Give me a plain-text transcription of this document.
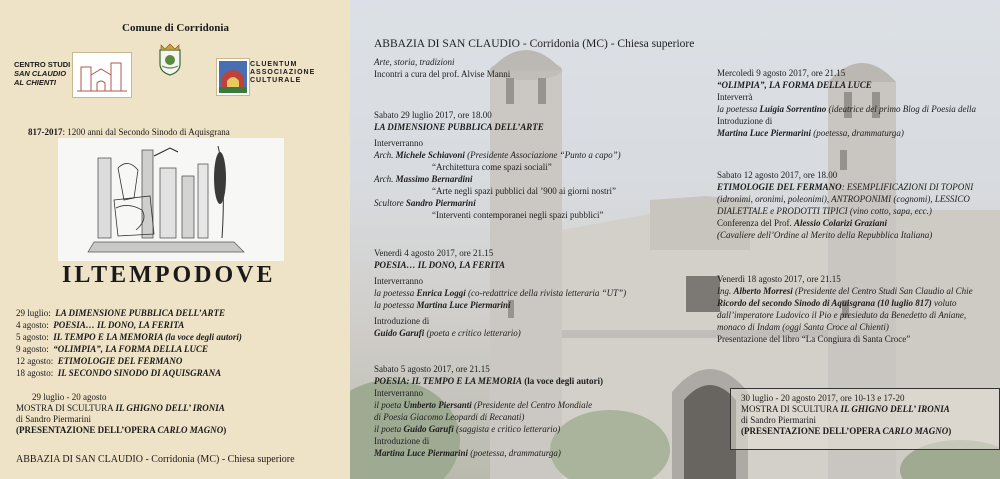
Comune di Corridonia
CENTRO STUDI
SAN CLAUDIO
AL CHIENTI
CLUENTUM
ASSOCIAZIONE
CULTURALE
817-2017: 1200 anni dal Secondo Sinodo di Aquisgrana
ILTEMPODOVE
29 luglio: LA DIMENSIONE PUBBLICA DELL’ARTE
4 agosto: POESIA… IL DONO, LA FERITA
5 agosto: IL TEMPO E LA MEMORIA (la voce degli autori)
9 agosto: “OLIMPIA”, LA FORMA DELLA LUCE
12 agosto: ETIMOLOGIE DEL FERMANO
18 agosto: IL SECONDO SINODO DI AQUISGRANA
29 luglio - 20 agosto
MOSTRA DI SCULTURA IL GHIGNO DELL’ IRONIA
di Sandro Piermarini
(PRESENTAZIONE DELL’OPERA CARLO MAGNO)
ABBAZIA DI SAN CLAUDIO - Corridonia (MC) - Chiesa superiore
ABBAZIA DI SAN CLAUDIO - Corridonia (MC) - Chiesa superiore
Arte, storia, tradizioni
Incontri a cura del prof. Alvise Manni
Sabato 29 luglio 2017, ore 18.00
LA DIMENSIONE PUBBLICA DELL’ARTE
Interverranno
Arch. Michele Schiavoni (Presidente Associazione “Punto a capo”)
“Architettura come spazi sociali”
Arch. Massimo Bernardini
“Arte negli spazi pubblici dal ’900 ai giorni nostri”
Scultore Sandro Piermarini
“Interventi contemporanei negli spazi pubblici”
Venerdì 4 agosto 2017, ore 21.15
POESIA… IL DONO, LA FERITA
Interverranno
la poetessa Enrica Loggi (co-redattrice della rivista letteraria “UT”)
la poetessa Martina Luce Piermarini
Introduzione di
Guido Garufi (poeta e critico letterario)
Sabato 5 agosto 2017, ore 21.15
POESIA: IL TEMPO E LA MEMORIA (la voce degli autori)
Interverranno
il poeta Umberto Piersanti (Presidente del Centro Mondiale
di Poesia Giacomo Leopardi di Recanati)
il poeta Guido Garufi (saggista e critico letterario)
Introduzione di
Martina Luce Piermarini (poetessa, drammaturga)
Mercoledì 9 agosto 2017, ore 21.15
“OLIMPIA”, LA FORMA DELLA LUCE
Interverrà
la poetessa Luigia Sorrentino (ideatrice del primo Blog di Poesia della
Introduzione di
Martina Luce Piermarini (poetessa, drammaturga)
Sabato 12 agosto 2017, ore 18.00
ETIMOLOGIE DEL FERMANO: ESEMPLIFICAZIONI DI TOPONI
(idronimi, oronimi, poleonimi), ANTROPONIMI (cognomi), LESSICO
DIALETTALE e PRODOTTI TIPICI (vino cotto, sapa, ecc.)
Conferenza del Prof. Alessio Colarizi Graziani
(Cavaliere dell’Ordine al Merito della Repubblica Italiana)
Venerdì 18 agosto 2017, ore 21.15
Ing. Alberto Morresi (Presidente del Centro Studi San Claudio al Chie
Ricordo del secondo Sinodo di Aquisgrana (10 luglio 817) voluto
dall’imperatore Ludovico il Pio e presieduto da Benedetto di Aniane,
monaco di Indam (oggi Santa Croce al Chienti)
Presentazione del libro “La Congiura di Santa Croce”
30 luglio - 20 agosto 2017, ore 10-13 e 17-20
MOSTRA DI SCULTURA IL GHIGNO DELL’ IRONIA
di Sandro Piermarini
(PRESENTAZIONE DELL’OPERA CARLO MAGNO)
